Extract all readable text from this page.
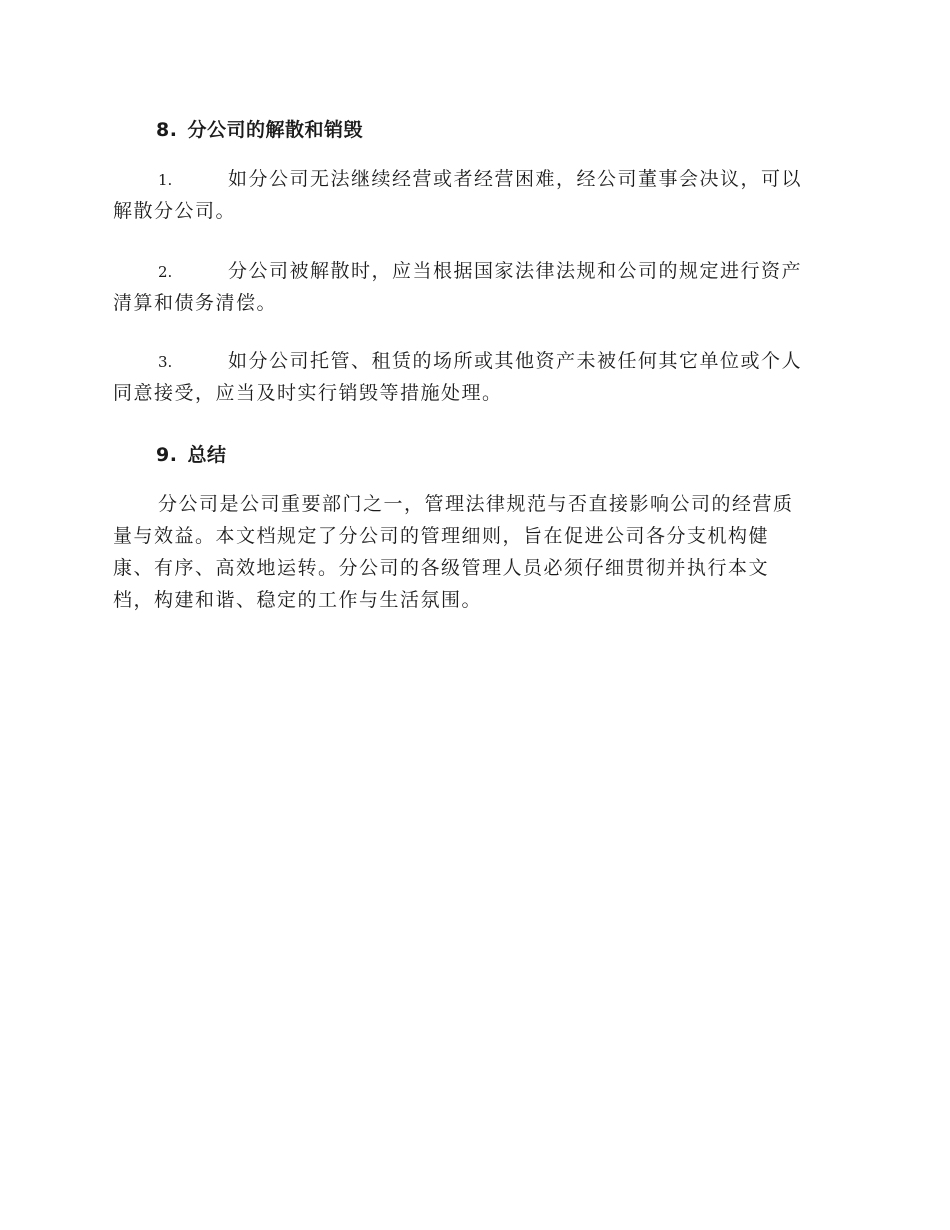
8. 分公司的解散和销毁
1.	如分公司无法继续经营或者经营困难，经公司董事会决议，可以
解散分公司。
2.	分公司被解散时，应当根据国家法律法规和公司的规定进行资产
清算和债务清偿。
3.	如分公司托管、租赁的场所或其他资产未被任何其它单位或个人
同意接受，应当及时实行销毁等措施处理。
9. 总结
分公司是公司重要部门之一，管理法律规范与否直接影响公司的经营质
量与效益。本文档规定了分公司的管理细则，旨在促进公司各分支机构健
康、有序、高效地运转。分公司的各级管理人员必须仔细贯彻并执行本文
档，构建和谐、稳定的工作与生活氛围。
